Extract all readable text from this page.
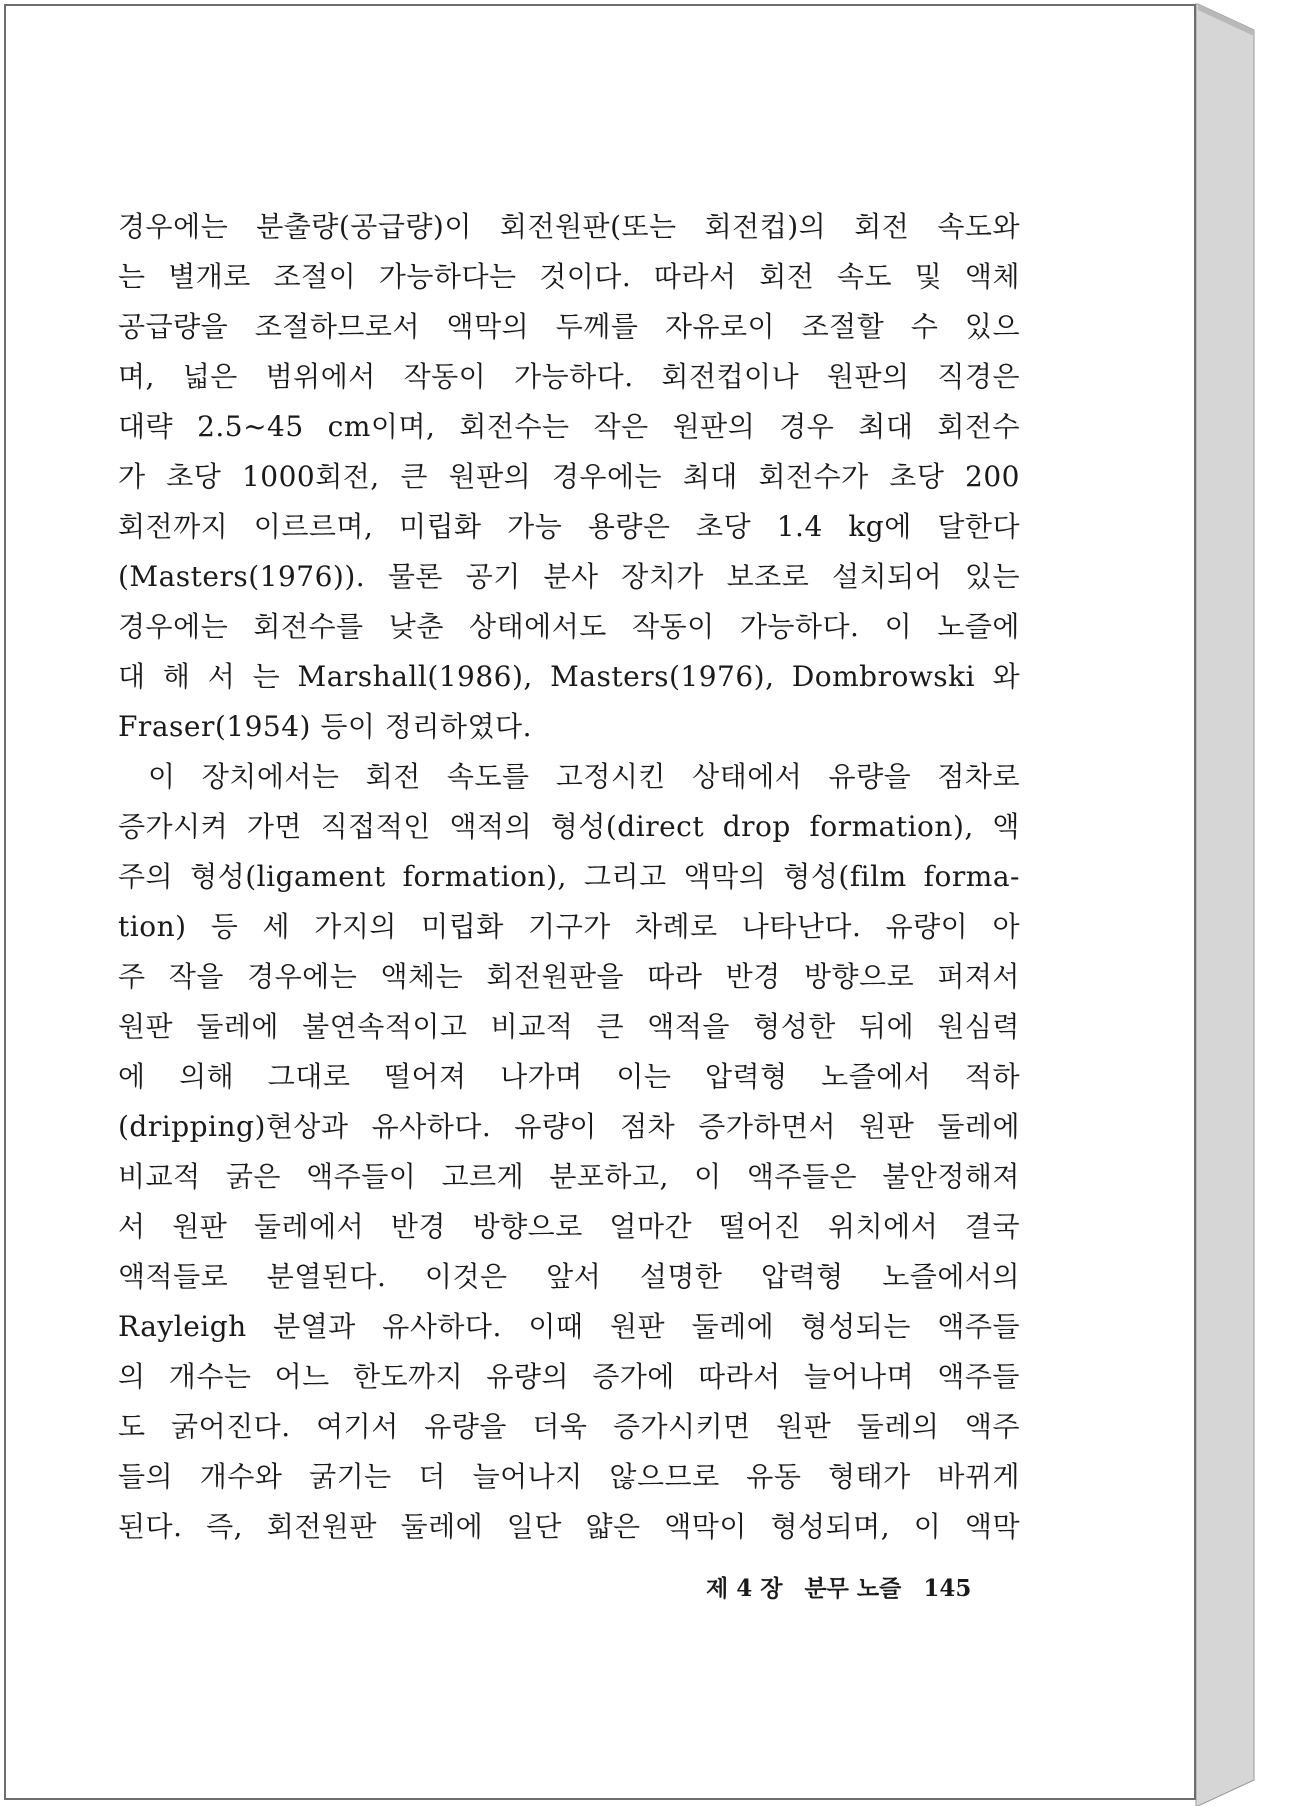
경우에는 분출량(공급량)이 회전원판(또는 회전컵)의 회전 속도와
는 별개로 조절이 가능하다는 것이다. 따라서 회전 속도 및 액체
공급량을 조절하므로서 액막의 두께를 자유로이 조절할 수 있으
며, 넓은 범위에서 작동이 가능하다. 회전컵이나 원판의 직경은
대략 2.5~45 cm이며, 회전수는 작은 원판의 경우 최대 회전수
가 초당 1000회전, 큰 원판의 경우에는 최대 회전수가 초당 200
회전까지 이르르며, 미립화 가능 용량은 초당 1.4 kg에 달한다
(Masters(1976)). 물론 공기 분사 장치가 보조로 설치되어 있는
경우에는 회전수를 낮춘 상태에서도 작동이 가능하다. 이 노즐에
대 해 서 는 Marshall(1986), Masters(1976), Dombrowski 와
Fraser(1954) 등이 정리하였다.
이 장치에서는 회전 속도를 고정시킨 상태에서 유량을 점차로
증가시켜 가면 직접적인 액적의 형성(direct drop formation), 액
주의 형성(ligament formation), 그리고 액막의 형성(film forma-
tion) 등 세 가지의 미립화 기구가 차례로 나타난다. 유량이 아
주 작을 경우에는 액체는 회전원판을 따라 반경 방향으로 퍼져서
원판 둘레에 불연속적이고 비교적 큰 액적을 형성한 뒤에 원심력
에 의해 그대로 떨어져 나가며 이는 압력형 노즐에서 적하
(dripping)현상과 유사하다. 유량이 점차 증가하면서 원판 둘레에
비교적 굵은 액주들이 고르게 분포하고, 이 액주들은 불안정해져
서 원판 둘레에서 반경 방향으로 얼마간 떨어진 위치에서 결국
액적들로 분열된다. 이것은 앞서 설명한 압력형 노즐에서의
Rayleigh 분열과 유사하다. 이때 원판 둘레에 형성되는 액주들
의 개수는 어느 한도까지 유량의 증가에 따라서 늘어나며 액주들
도 굵어진다. 여기서 유량을 더욱 증가시키면 원판 둘레의 액주
들의 개수와 굵기는 더 늘어나지 않으므로 유동 형태가 바뀌게
된다. 즉, 회전원판 둘레에 일단 얇은 액막이 형성되며, 이 액막
제 4 장 분무 노즐 145
